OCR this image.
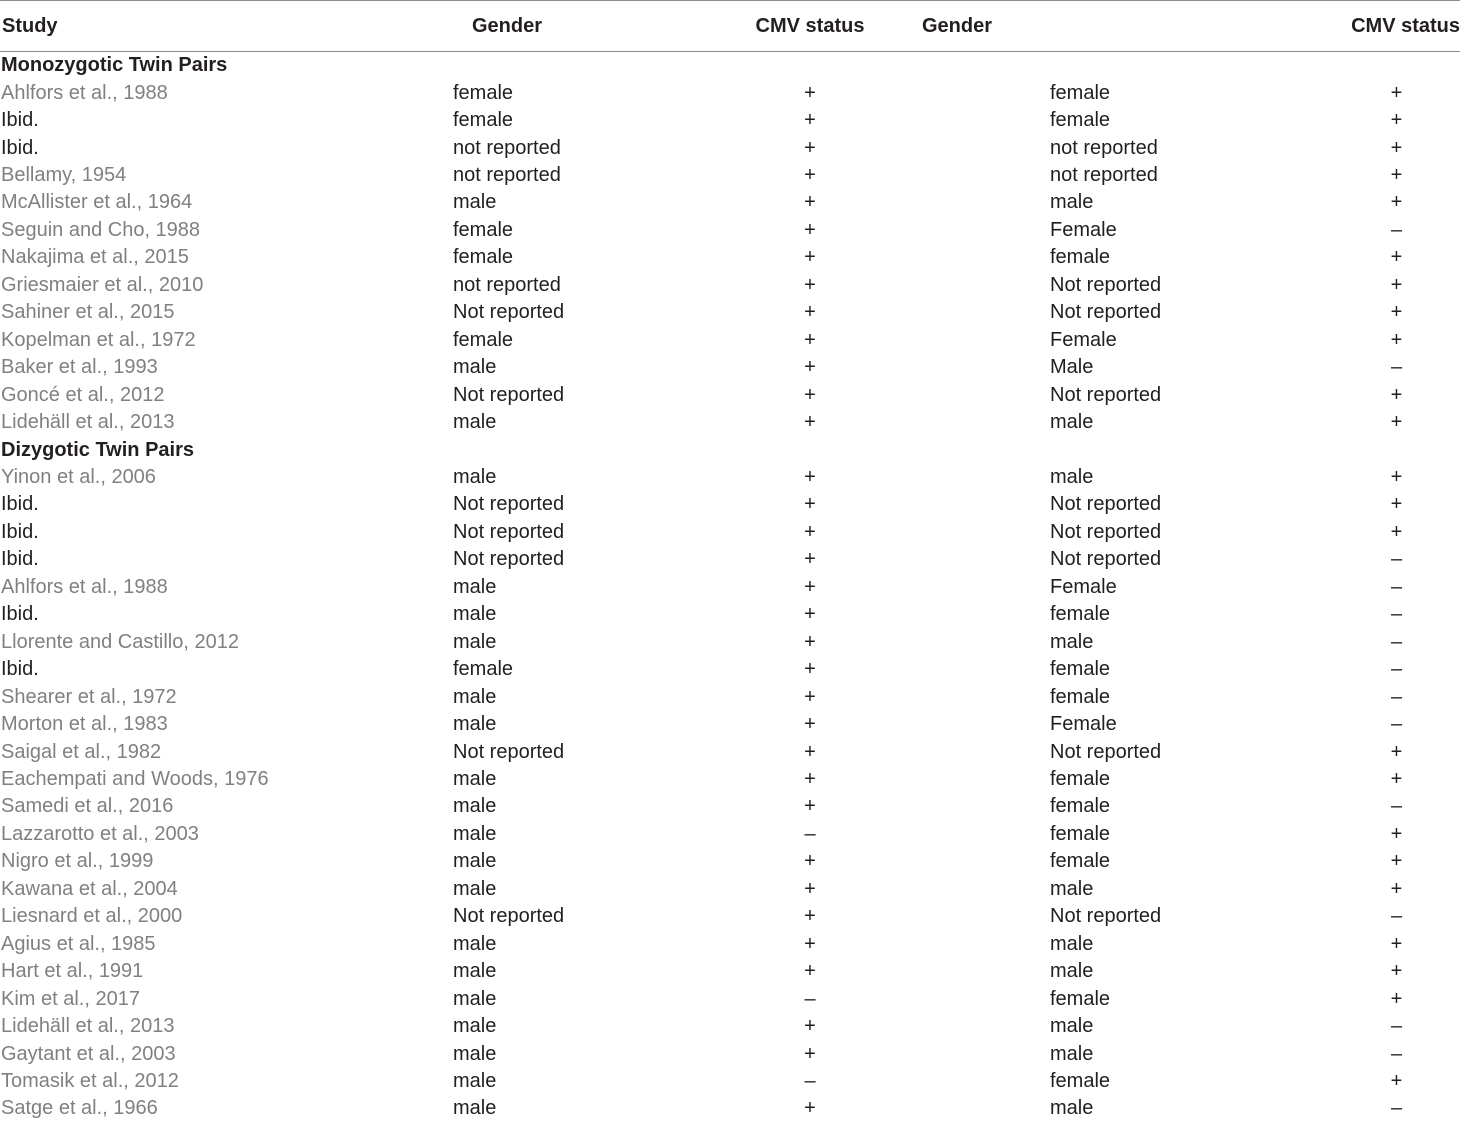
Study	Gender	CMV status	Gender	CMV status
Monozygotic Twin Pairs				
Ahlfors et al., 1988	female	+	female	+
Ibid.	female	+	female	+
Ibid.	not reported	+	not reported	+
Bellamy, 1954	not reported	+	not reported	+
McAllister et al., 1964	male	+	male	+
Seguin and Cho, 1988	female	+	Female	–
Nakajima et al., 2015	female	+	female	+
Griesmaier et al., 2010	not reported	+	Not reported	+
Sahiner et al., 2015	Not reported	+	Not reported	+
Kopelman et al., 1972	female	+	Female	+
Baker et al., 1993	male	+	Male	–
Goncé et al., 2012	Not reported	+	Not reported	+
Lidehäll et al., 2013	male	+	male	+
Dizygotic Twin Pairs				
Yinon et al., 2006	male	+	male	+
Ibid.	Not reported	+	Not reported	+
Ibid.	Not reported	+	Not reported	+
Ibid.	Not reported	+	Not reported	–
Ahlfors et al., 1988	male	+	Female	–
Ibid.	male	+	female	–
Llorente and Castillo, 2012	male	+	male	–
Ibid.	female	+	female	–
Shearer et al., 1972	male	+	female	–
Morton et al., 1983	male	+	Female	–
Saigal et al., 1982	Not reported	+	Not reported	+
Eachempati and Woods, 1976	male	+	female	+
Samedi et al., 2016	male	+	female	–
Lazzarotto et al., 2003	male	–	female	+
Nigro et al., 1999	male	+	female	+
Kawana et al., 2004	male	+	male	+
Liesnard et al., 2000	Not reported	+	Not reported	–
Agius et al., 1985	male	+	male	+
Hart et al., 1991	male	+	male	+
Kim et al., 2017	male	–	female	+
Lidehäll et al., 2013	male	+	male	–
Gaytant et al., 2003	male	+	male	–
Tomasik et al., 2012	male	–	female	+
Satge et al., 1966	male	+	male	–
